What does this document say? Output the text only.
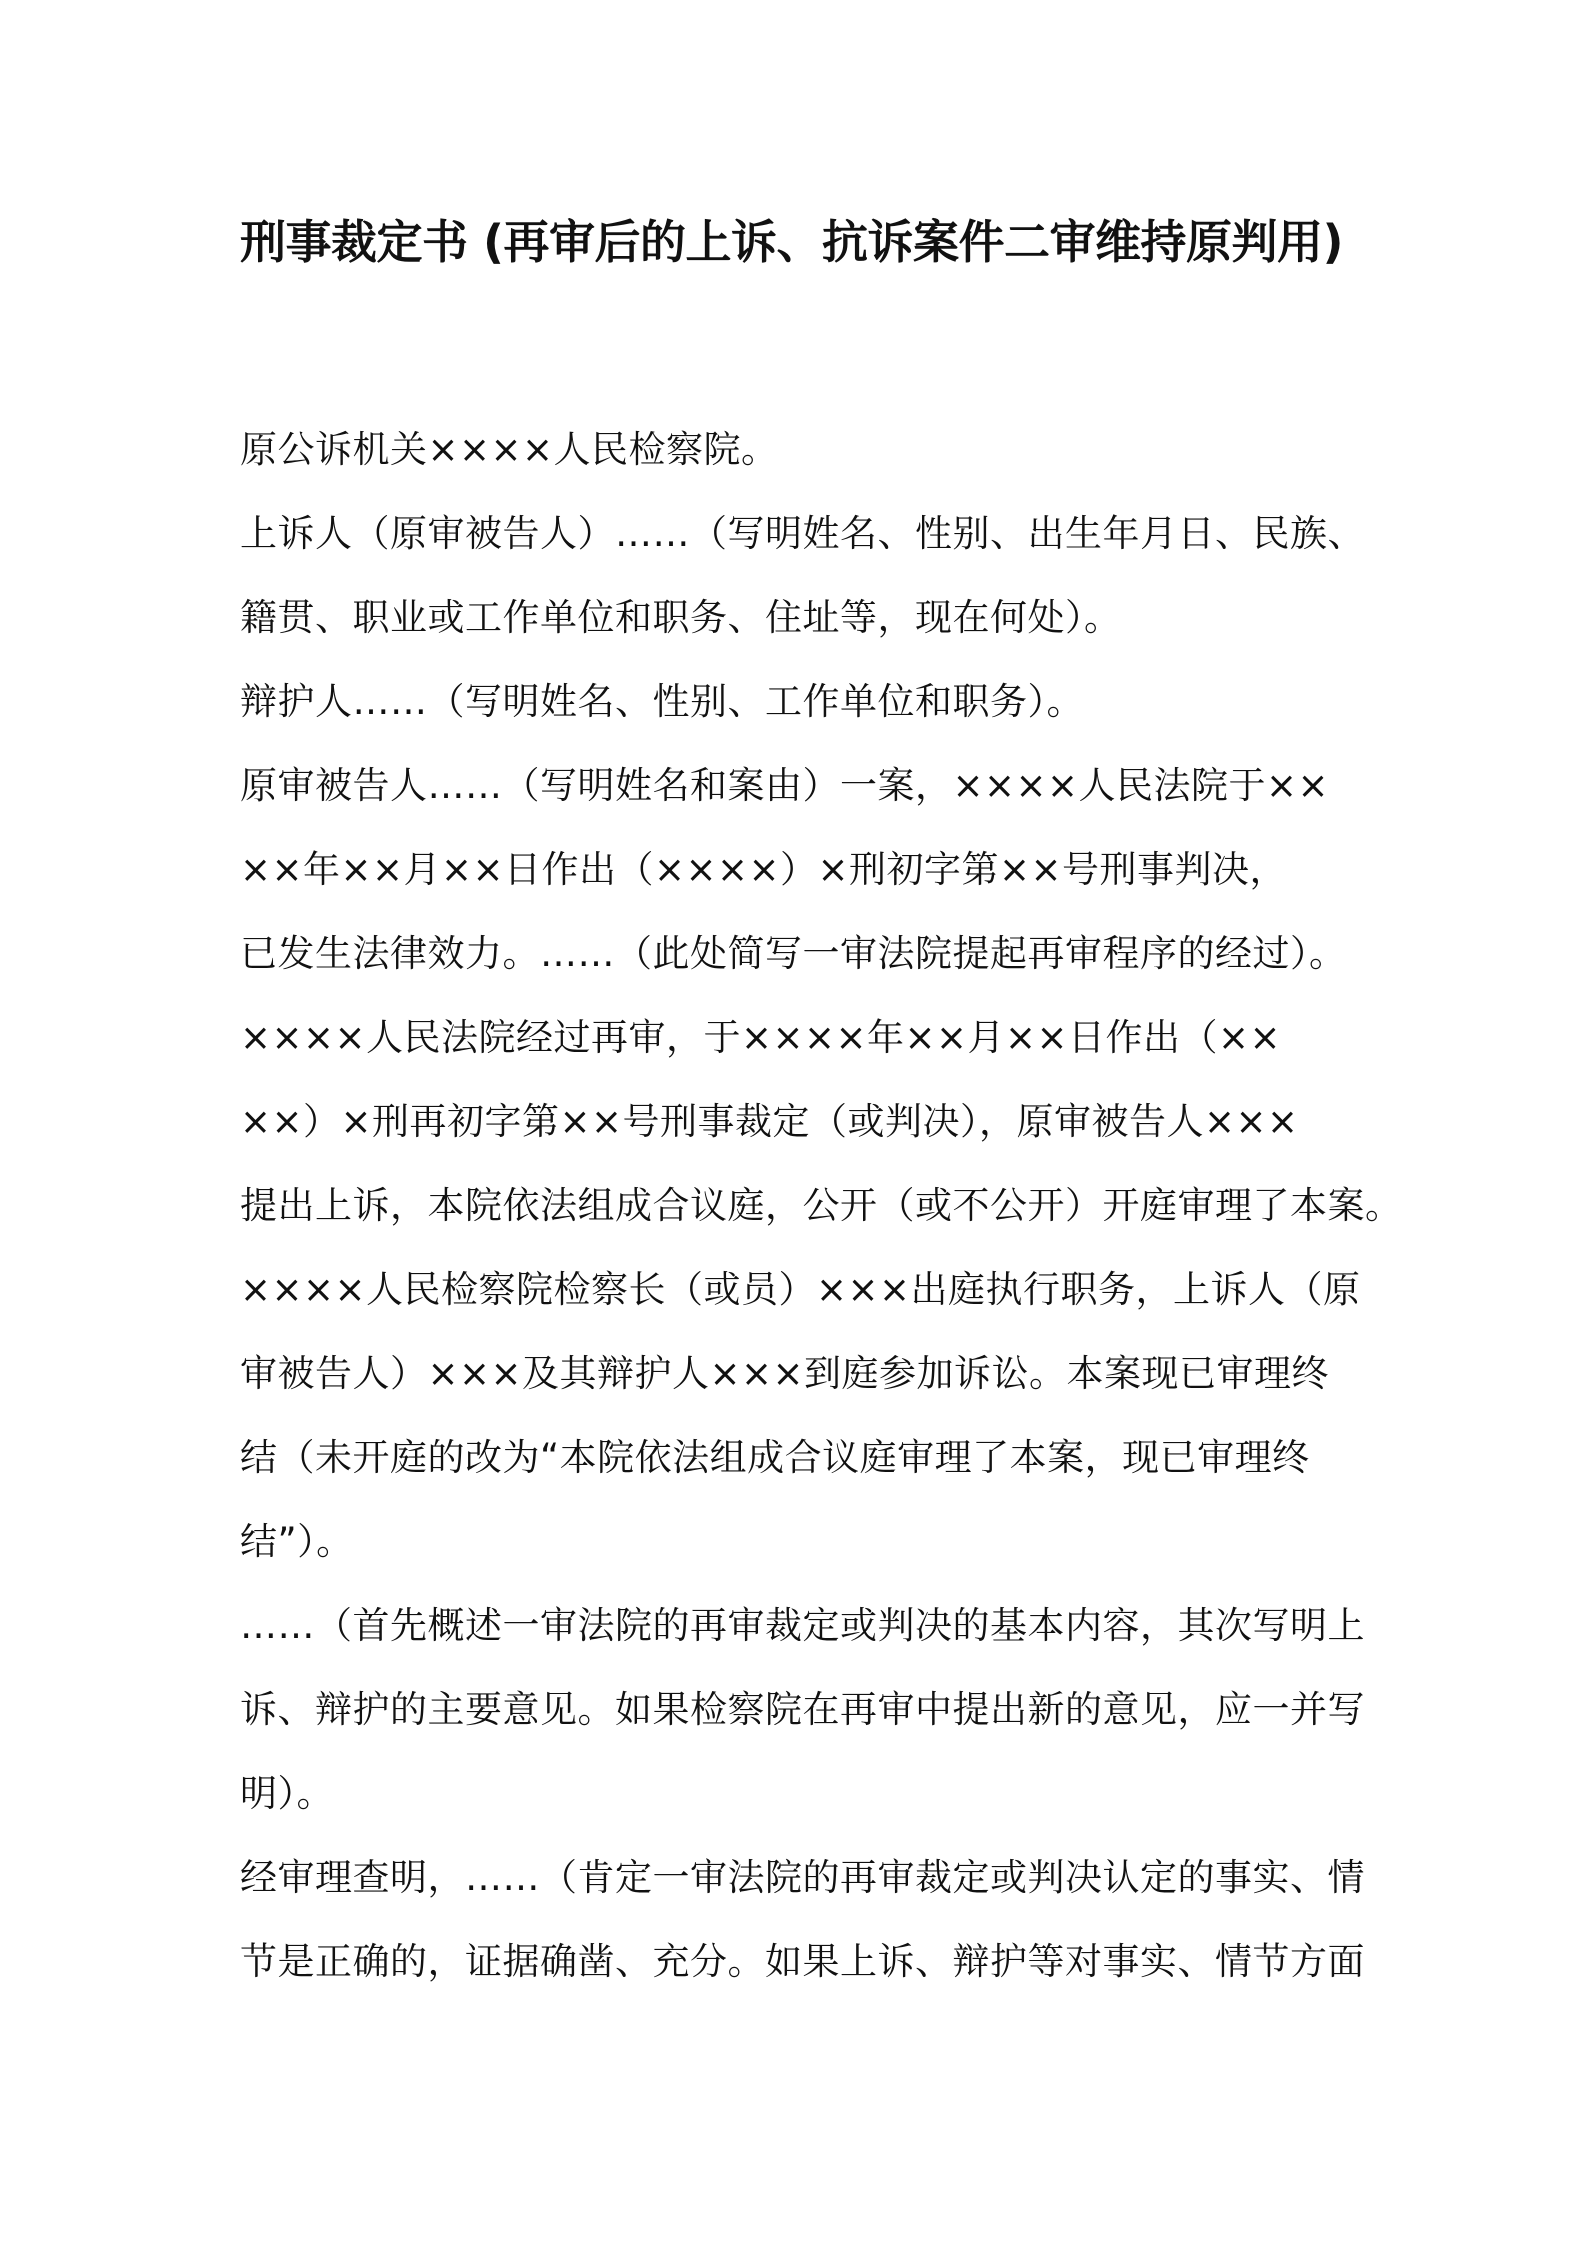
刑事裁定书 (再审后的上诉、抗诉案件二审维持原判用)
原公诉机关××××人民检察院。
上诉人（原审被告人）……（写明姓名、性别、出生年月日、民族、
籍贯、职业或工作单位和职务、住址等，现在何处）。
辩护人……（写明姓名、性别、工作单位和职务）。
原审被告人……（写明姓名和案由）一案，××××人民法院于××
××年××月××日作出（××××）×刑初字第××号刑事判决，
已发生法律效力。……（此处简写一审法院提起再审程序的经过）。
××××人民法院经过再审，于××××年××月××日作出（××
××）×刑再初字第××号刑事裁定（或判决），原审被告人×××
提出上诉，本院依法组成合议庭，公开（或不公开）开庭审理了本案。
××××人民检察院检察长（或员）×××出庭执行职务，上诉人（原
审被告人）×××及其辩护人×××到庭参加诉讼。本案现已审理终
结（未开庭的改为“本院依法组成合议庭审理了本案，现已审理终
结”）。
……（首先概述一审法院的再审裁定或判决的基本内容，其次写明上
诉、辩护的主要意见。如果检察院在再审中提出新的意见，应一并写
明）。
经审理查明，……（肯定一审法院的再审裁定或判决认定的事实、情
节是正确的，证据确凿、充分。如果上诉、辩护等对事实、情节方面
